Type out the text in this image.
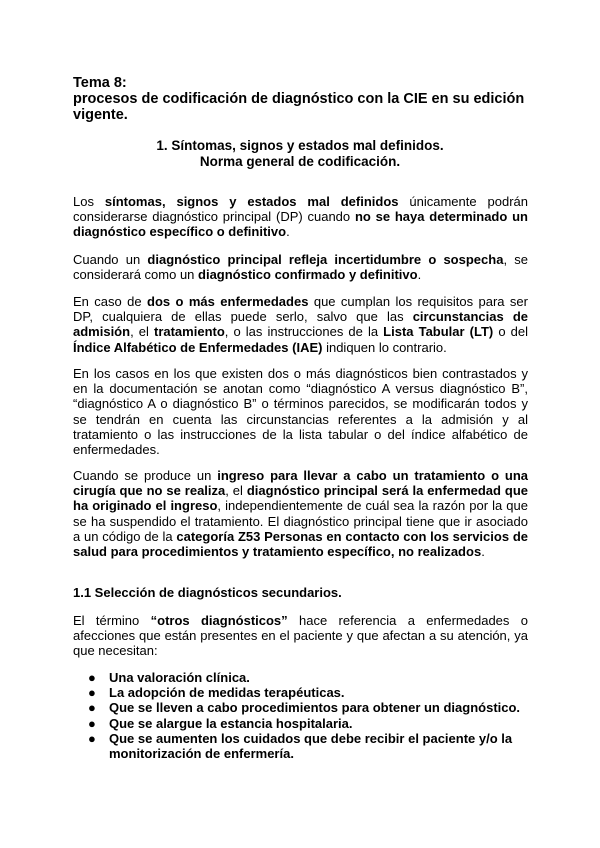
Tema 8:
procesos de codificación de diagnóstico con la CIE en su edición
vigente.
1. Síntomas, signos y estados mal definidos.
Norma general de codificación.
Los síntomas, signos y estados mal definidos únicamente podrán considerarse diagnóstico principal (DP) cuando no se haya determinado un diagnóstico específico o definitivo.
Cuando un diagnóstico principal refleja incertidumbre o sospecha, se considerará como un diagnóstico confirmado y definitivo.
En caso de dos o más enfermedades que cumplan los requisitos para ser DP, cualquiera de ellas puede serlo, salvo que las circunstancias de admisión, el tratamiento, o las instrucciones de la Lista Tabular (LT) o del Índice Alfabético de Enfermedades (IAE) indiquen lo contrario.
En los casos en los que existen dos o más diagnósticos bien contrastados y en la documentación se anotan como “diagnóstico A versus diagnóstico B”, “diagnóstico A o diagnóstico B” o términos parecidos, se modificarán todos y se tendrán en cuenta las circunstancias referentes a la admisión y al tratamiento o las instrucciones de la lista tabular o del índice alfabético de enfermedades.
Cuando se produce un ingreso para llevar a cabo un tratamiento o una cirugía que no se realiza, el diagnóstico principal será la enfermedad que ha originado el ingreso, independientemente de cuál sea la razón por la que se ha suspendido el tratamiento. El diagnóstico principal tiene que ir asociado a un código de la categoría Z53 Personas en contacto con los servicios de salud para procedimientos y tratamiento específico, no realizados.
1.1 Selección de diagnósticos secundarios.
El término “otros diagnósticos” hace referencia a enfermedades o afecciones que están presentes en el paciente y que afectan a su atención, ya que necesitan:
● Una valoración clínica.
● La adopción de medidas terapéuticas.
● Que se lleven a cabo procedimientos para obtener un diagnóstico.
● Que se alargue la estancia hospitalaria.
● Que se aumenten los cuidados que debe recibir el paciente y/o la monitorización de enfermería.
